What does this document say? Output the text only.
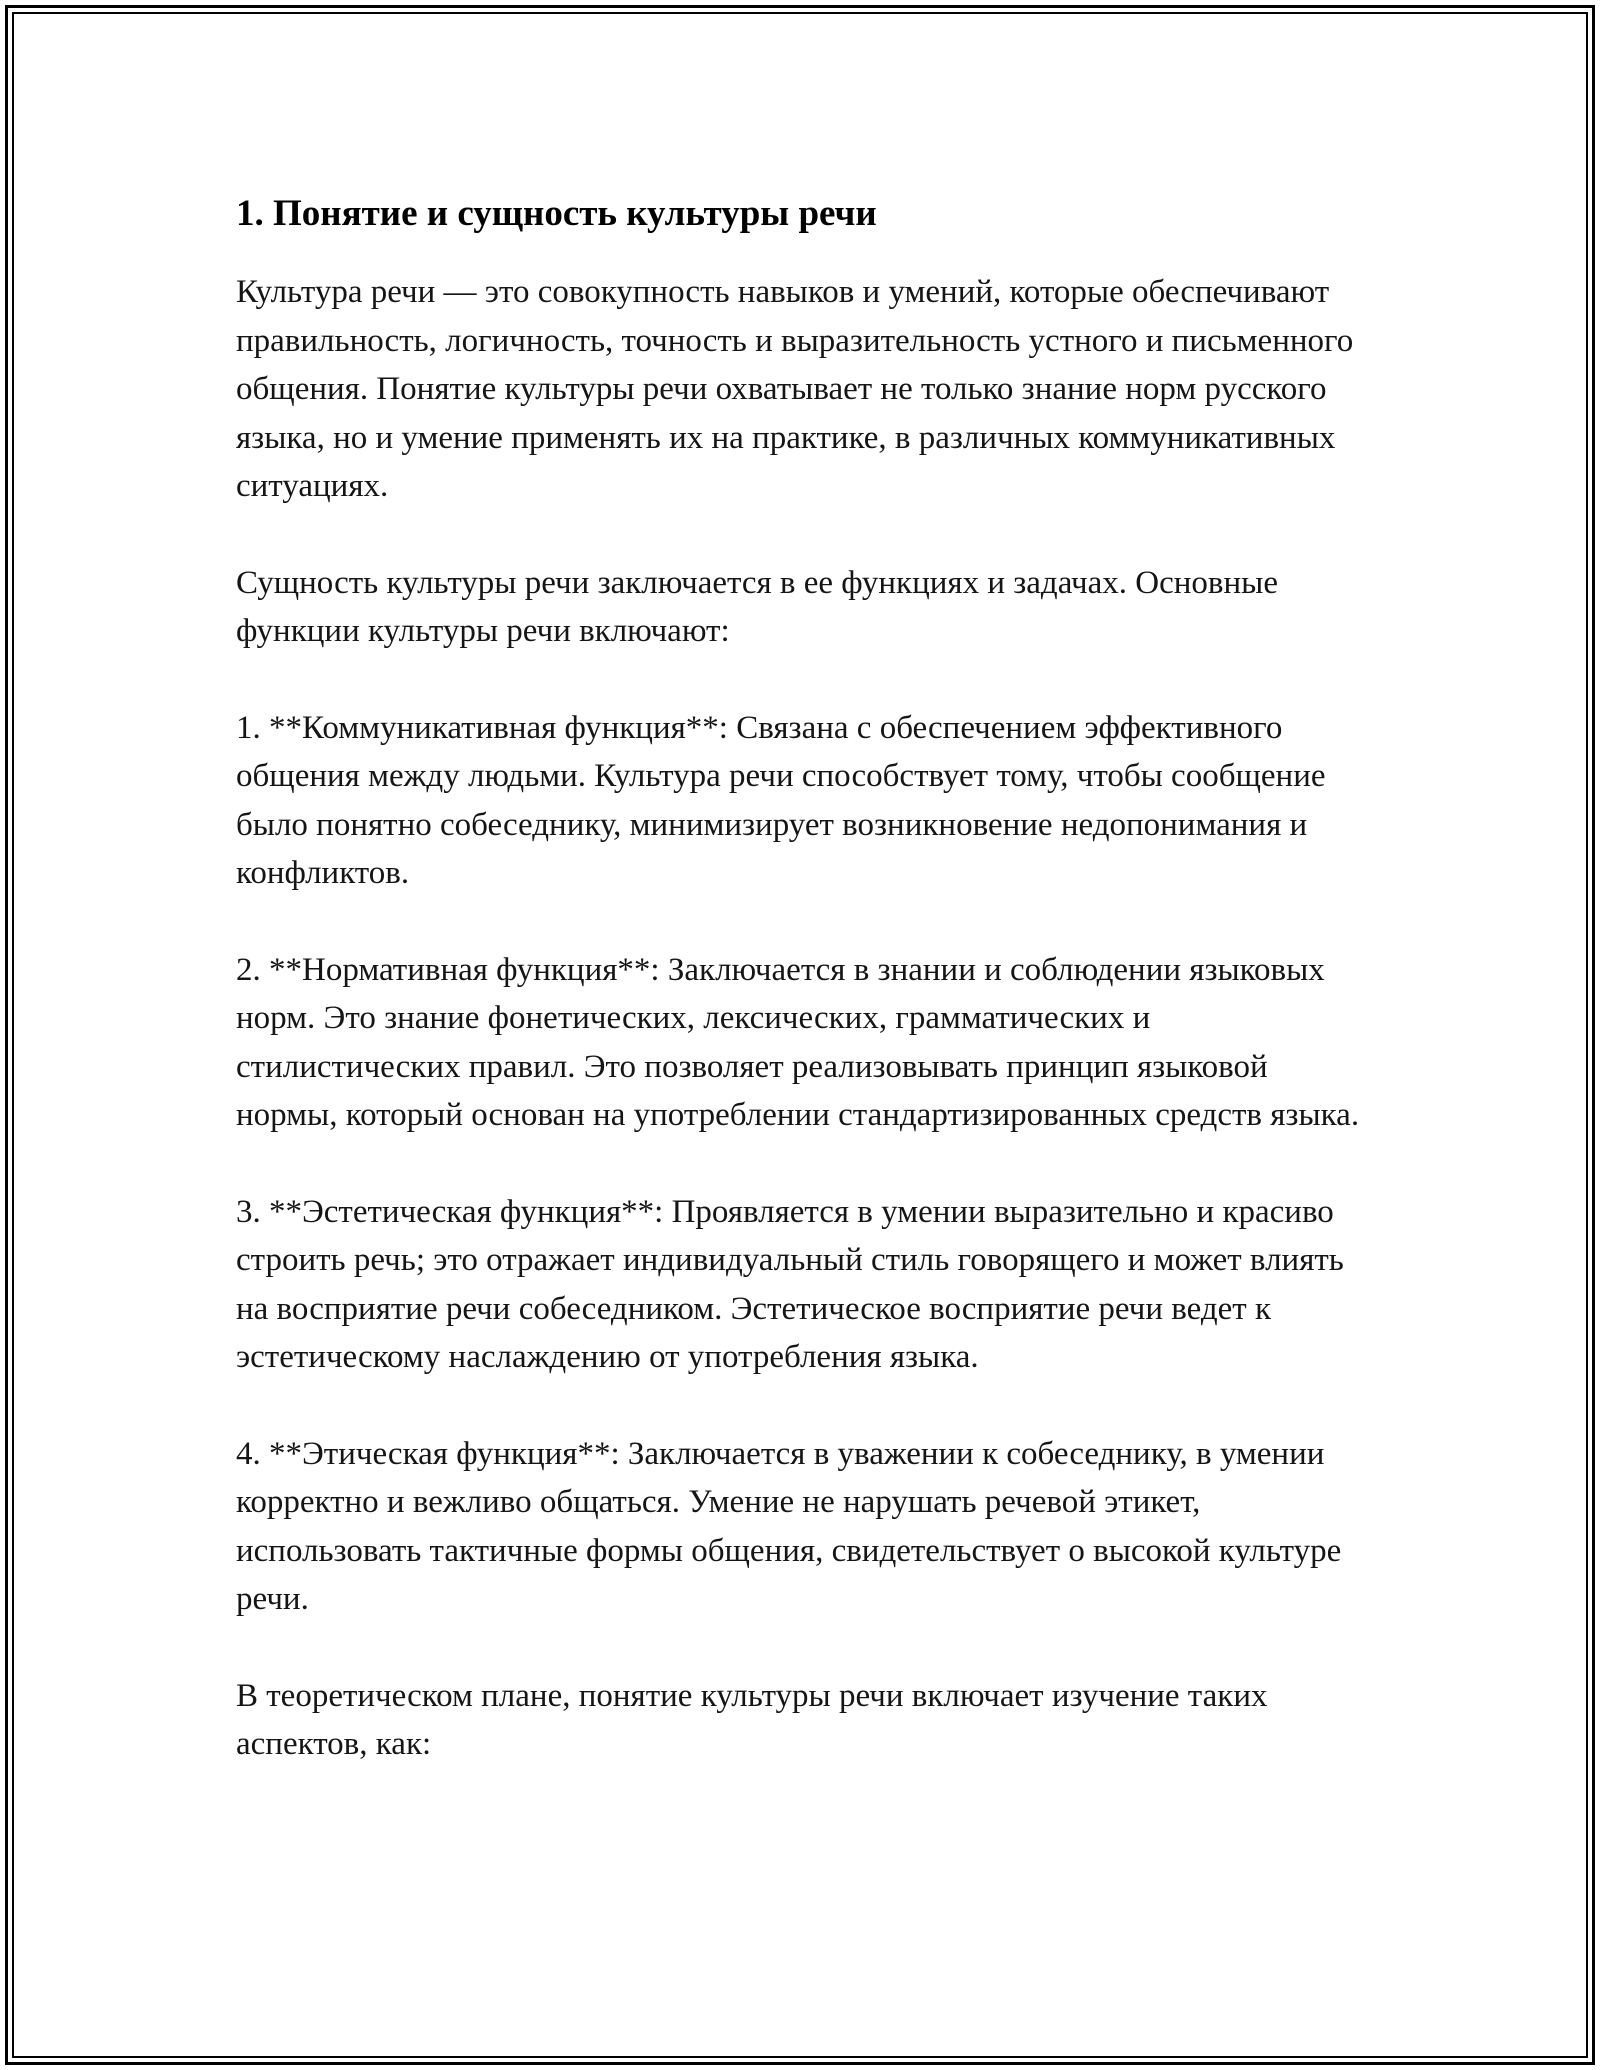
1. Понятие и сущность культуры речи

Культура речи — это совокупность навыков и умений, которые обеспечивают правильность, логичность, точность и выразительность устного и письменного общения. Понятие культуры речи охватывает не только знание норм русского языка, но и умение применять их на практике, в различных коммуникативных ситуациях.

Сущность культуры речи заключается в ее функциях и задачах. Основные функции культуры речи включают:

1. **Коммуникативная функция**: Связана с обеспечением эффективного общения между людьми. Культура речи способствует тому, чтобы сообщение было понятно собеседнику, минимизирует возникновение недопонимания и конфликтов.

2. **Нормативная функция**: Заключается в знании и соблюдении языковых норм. Это знание фонетических, лексических, грамматических и стилистических правил. Это позволяет реализовывать принцип языковой нормы, который основан на употреблении стандартизированных средств языка.

3. **Эстетическая функция**: Проявляется в умении выразительно и красиво строить речь; это отражает индивидуальный стиль говорящего и может влиять на восприятие речи собеседником. Эстетическое восприятие речи ведет к эстетическому наслаждению от употребления языка.

4. **Этическая функция**: Заключается в уважении к собеседнику, в умении корректно и вежливо общаться. Умение не нарушать речевой этикет, использовать тактичные формы общения, свидетельствует о высокой культуре речи.

В теоретическом плане, понятие культуры речи включает изучение таких аспектов, как:
